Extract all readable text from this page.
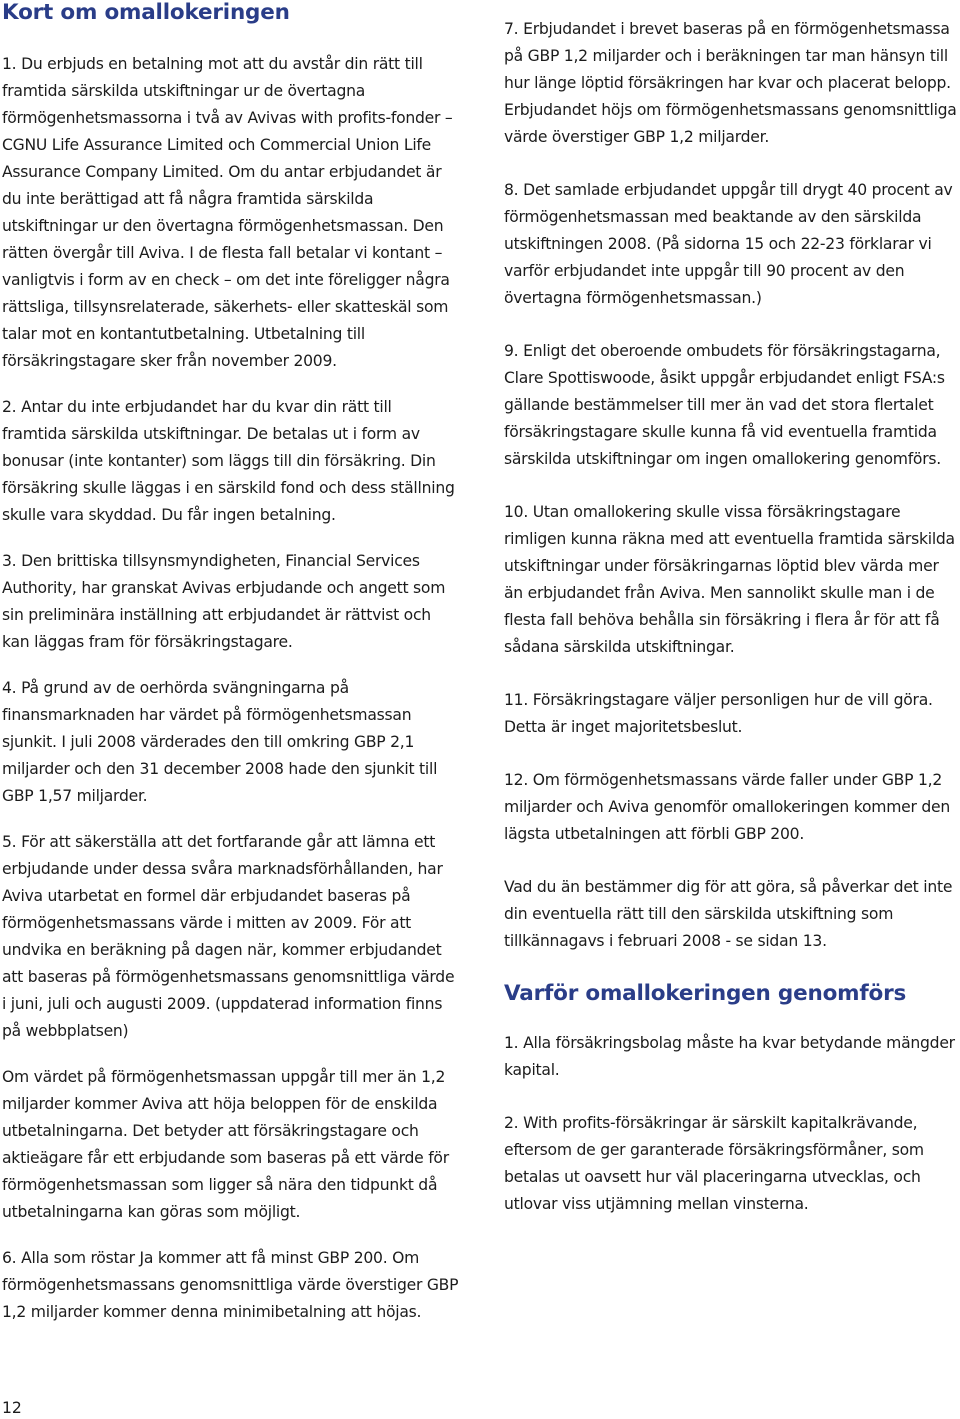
Kort om omallokeringen

1. Du erbjuds en betalning mot att du avstår din rätt till framtida särskilda utskiftningar ur de övertagna förmögenhetsmassorna i två av Avivas with profits-fonder – CGNU Life Assurance Limited och Commercial Union Life Assurance Company Limited. Om du antar erbjudandet är du inte berättigad att få några framtida särskilda utskiftningar ur den övertagna förmögenhetsmassan. Den rätten övergår till Aviva. I de flesta fall betalar vi kontant – vanligtvis i form av en check – om det inte föreligger några rättsliga, tillsynsrelaterade, säkerhets- eller skatteskäl som talar mot en kontantutbetalning. Utbetalning till försäkringstagare sker från november 2009.

2. Antar du inte erbjudandet har du kvar din rätt till framtida särskilda utskiftningar. De betalas ut i form av bonusar (inte kontanter) som läggs till din försäkring. Din försäkring skulle läggas i en särskild fond och dess ställning skulle vara skyddad. Du får ingen betalning.

3. Den brittiska tillsynsmyndigheten, Financial Services Authority, har granskat Avivas erbjudande och angett som sin preliminära inställning att erbjudandet är rättvist och kan läggas fram för försäkringstagare.

4. På grund av de oerhörda svängningarna på finansmarknaden har värdet på förmögenhetsmassan sjunkit. I juli 2008 värderades den till omkring GBP 2,1 miljarder och den 31 december 2008 hade den sjunkit till GBP 1,57 miljarder.

5. För att säkerställa att det fortfarande går att lämna ett erbjudande under dessa svåra marknadsförhållanden, har Aviva utarbetat en formel där erbjudandet baseras på förmögenhetsmassans värde i mitten av 2009. För att undvika en beräkning på dagen när, kommer erbjudandet att baseras på förmögenhetsmassans genomsnittliga värde i juni, juli och augusti 2009. (uppdaterad information finns på webbplatsen)

Om värdet på förmögenhetsmassan uppgår till mer än 1,2 miljarder kommer Aviva att höja beloppen för de enskilda utbetalningarna. Det betyder att försäkringstagare och aktieägare får ett erbjudande som baseras på ett värde för förmögenhetsmassan som ligger så nära den tidpunkt då utbetalningarna kan göras som möjligt.

6. Alla som röstar Ja kommer att få minst GBP 200. Om förmögenhetsmassans genomsnittliga värde överstiger GBP 1,2 miljarder kommer denna minimibetalning att höjas.

7. Erbjudandet i brevet baseras på en förmögenhetsmassa på GBP 1,2 miljarder och i beräkningen tar man hänsyn till hur länge löptid försäkringen har kvar och placerat belopp. Erbjudandet höjs om förmögenhetsmassans genomsnittliga värde överstiger GBP 1,2 miljarder.

8. Det samlade erbjudandet uppgår till drygt 40 procent av förmögenhetsmassan med beaktande av den särskilda utskiftningen 2008. (På sidorna 15 och 22-23 förklarar vi varför erbjudandet inte uppgår till 90 procent av den övertagna förmögenhetsmassan.)

9. Enligt det oberoende ombudets för försäkringstagarna, Clare Spottiswoode, åsikt uppgår erbjudandet enligt FSA:s gällande bestämmelser till mer än vad det stora flertalet försäkringstagare skulle kunna få vid eventuella framtida särskilda utskiftningar om ingen omallokering genomförs.

10. Utan omallokering skulle vissa försäkringstagare rimligen kunna räkna med att eventuella framtida särskilda utskiftningar under försäkringarnas löptid blev värda mer än erbjudandet från Aviva. Men sannolikt skulle man i de flesta fall behöva behålla sin försäkring i flera år för att få sådana särskilda utskiftningar.

11. Försäkringstagare väljer personligen hur de vill göra. Detta är inget majoritetsbeslut.

12. Om förmögenhetsmassans värde faller under GBP 1,2 miljarder och Aviva genomför omallokeringen kommer den lägsta utbetalningen att förbli GBP 200.

Vad du än bestämmer dig för att göra, så påverkar det inte din eventuella rätt till den särskilda utskiftning som tillkännagavs i februari 2008 - se sidan 13.

Varför omallokeringen genomförs

1. Alla försäkringsbolag måste ha kvar betydande mängder kapital.

2. With profits-försäkringar är särskilt kapitalkrävande, eftersom de ger garanterade försäkringsförmåner, som betalas ut oavsett hur väl placeringarna utvecklas, och utlovar viss utjämning mellan vinsterna.

12
